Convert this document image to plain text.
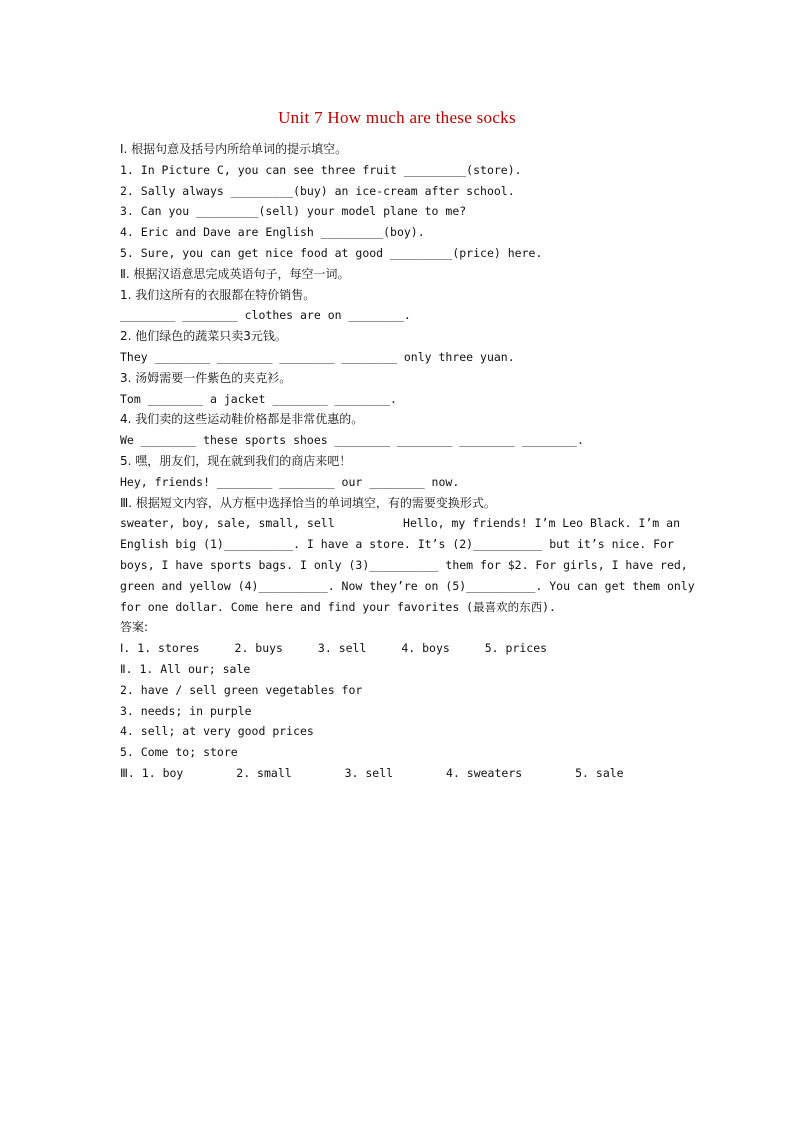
Unit 7 How much are these socks
Ⅰ. 根据句意及括号内所给单词的提示填空。
1. In Picture C, you can see three fruit _________(store).
2. Sally always _________(buy) an ice-cream after school.
3. Can you _________(sell) your model plane to me?
4. Eric and Dave are English _________(boy).
5. Sure, you can get nice food at good _________(price) here.
Ⅱ. 根据汉语意思完成英语句子，每空一词。
1. 我们这所有的衣服都在特价销售。
________ ________ clothes are on ________.
2. 他们绿色的蔬菜只卖3元钱。
They ________ ________ ________ ________ only three yuan.
3. 汤姆需要一件紫色的夹克衫。
Tom ________ a jacket ________ ________.
4. 我们卖的这些运动鞋价格都是非常优惠的。
We ________ these sports shoes ________ ________ ________ ________.
5. 嘿，朋友们，现在就到我们的商店来吧！
Hey, friends! ________ ________ our ________ now.
Ⅲ. 根据短文内容，从方框中选择恰当的单词填空，有的需要变换形式。
sweater, boy, sale, small, sell	Hello, my friends! I’m Leo Black. I’m an
English big (1)__________. I have a store. It’s (2)__________ but it’s nice. For
boys, I have sports bags. I only (3)__________ them for $2. For girls, I have red,
green and yellow (4)__________. Now they’re on (5)__________. You can get them only
for one dollar. Come here and find your favorites (最喜欢的东西).
答案:
Ⅰ. 1. stores	2. buys	3. sell	4. boys	5. prices
Ⅱ. 1. All our; sale
2. have / sell green vegetables for
3. needs; in purple
4. sell; at very good prices
5. Come to; store
Ⅲ. 1. boy	2. small	3. sell	4. sweaters	5. sale
